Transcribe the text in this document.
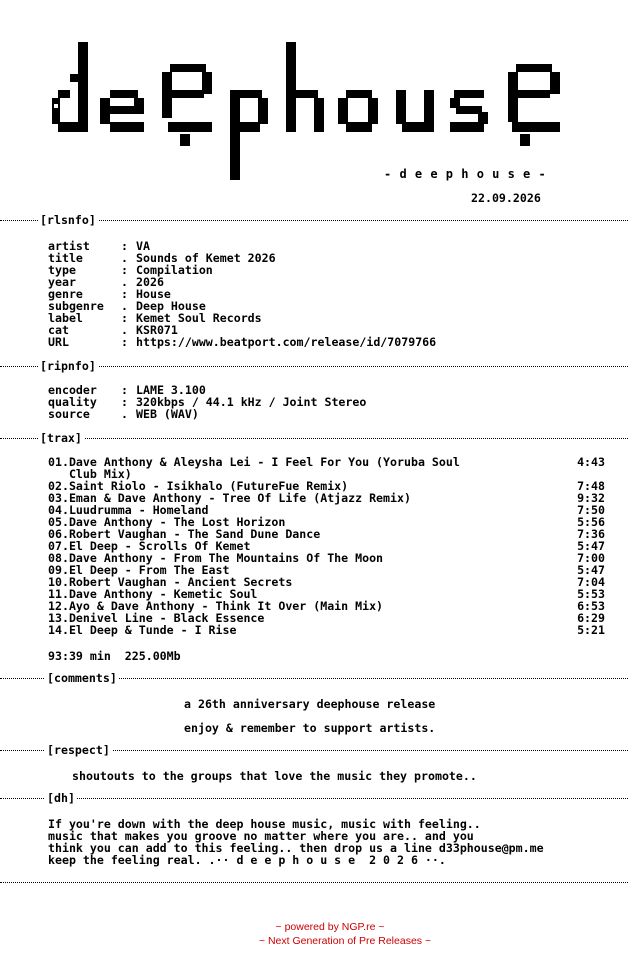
deephouse
- d e e p h o u s e -
22.09.2026
[rlsnfo]
artist	: VA
title	. Sounds of Kemet 2026
type	: Compilation
year	. 2026
genre	: House
subgenre . Deep House
label	: Kemet Soul Records
cat	. KSR071
URL	: https://www.beatport.com/release/id/7079766
[ripnfo]
encoder : LAME 3.100
quality : 320kbps / 44.1 kHz / Joint Stereo
source	. WEB (WAV)
[trax]
01.Dave Anthony & Aleysha Lei - I Feel For You (Yoruba Soul	4:43
Club Mix)
02.Saint Riolo - Isikhalo (FutureFue Remix)	7:48
03.Eman & Dave Anthony - Tree Of Life (Atjazz Remix)	9:32
04.Luudrumma - Homeland	7:50
05.Dave Anthony - The Lost Horizon	5:56
06.Robert Vaughan - The Sand Dune Dance	7:36
07.El Deep - Scrolls Of Kemet	5:47
08.Dave Anthony - From The Mountains Of The Moon	7:00
09.El Deep - From The East	5:47
10.Robert Vaughan - Ancient Secrets	7:04
11.Dave Anthony - Kemetic Soul	5:53
12.Ayo & Dave Anthony - Think It Over (Main Mix)	6:53
13.Denivel Line - Black Essence	6:29
14.El Deep & Tunde - I Rise	5:21
93:39 min  225.00Mb
[comments]
a 26th anniversary deephouse release
enjoy & remember to support artists.
[respect]
shoutouts to the groups that love the music they promote..
[dh]
If you're down with the deep house music, music with feeling..
music that makes you groove no matter where you are.. and you
think you can add to this feeling.. then drop us a line d33phouse@pm.me
keep the feeling real. .·· d e e p h o u s e  2 0 2 6 ··.
~ powered by NGP.re ~
~ Next Generation of Pre Releases ~
